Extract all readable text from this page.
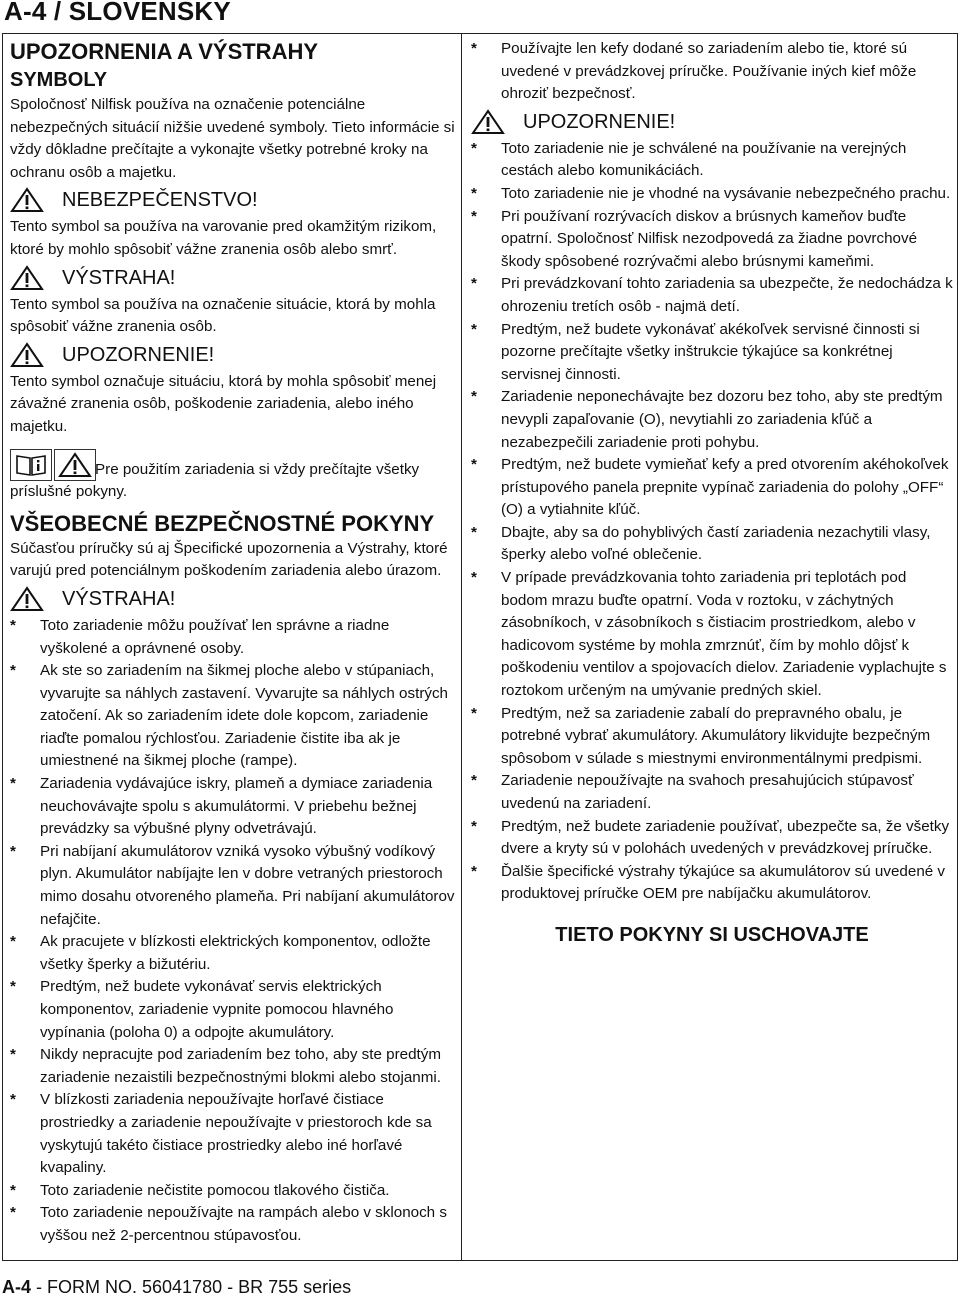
A-4 / SLOVENSKY
UPOZORNENIA A VÝSTRAHY
SYMBOLY

Spoločnosť Nilfisk používa na označenie potenciálne nebezpečných situácií nižšie uvedené symboly. Tieto informácie si vždy dôkladne prečítajte a vykonajte všetky potrebné kroky na ochranu osôb a majetku.

NEBEZPEČENSTVO!

Tento symbol sa používa na varovanie pred okamžitým rizikom, ktoré by mohlo spôsobiť vážne zranenia osôb alebo smrť.

VÝSTRAHA!

Tento symbol sa používa na označenie situácie, ktorá by mohla spôsobiť vážne zranenia osôb.

UPOZORNENIE!

Tento symbol označuje situáciu, ktorá by mohla spôsobiť menej závažné zranenia osôb, poškodenie zariadenia, alebo iného majetku.

Pre použitím zariadenia si vždy prečítajte všetky príslušné pokyny.

VŠEOBECNÉ BEZPEČNOSTNÉ POKYNY

Súčasťou príručky sú aj Špecifické upozornenia a Výstrahy, ktoré varujú pred potenciálnym poškodením zariadenia alebo úrazom.

VÝSTRAHA!
* Toto zariadenie môžu používať len správne a riadne vyškolené a oprávnené osoby.
* Ak ste so zariadením na šikmej ploche alebo v stúpaniach, vyvarujte sa náhlych zastavení. Vyvarujte sa náhlych ostrých zatočení. Ak so zariadením idete dole kopcom, zariadenie riaďte pomalou rýchlosťou. Zariadenie čistite iba ak je umiestnené na šikmej ploche (rampe).
* Zariadenia vydávajúce iskry, plameň a dymiace zariadenia neuchovávajte spolu s akumulátormi. V priebehu bežnej prevádzky sa výbušné plyny odvetrávajú.
* Pri nabíjaní akumulátorov vzniká vysoko výbušný vodíkový plyn. Akumulátor nabíjajte len v dobre vetraných priestoroch mimo dosahu otvoreného plameňa. Pri nabíjaní akumulátorov nefajčite.
* Ak pracujete v blízkosti elektrických komponentov, odložte všetky šperky a bižutériu.
* Predtým, než budete vykonávať servis elektrických komponentov, zariadenie vypnite pomocou hlavného vypínania (poloha 0) a odpojte akumulátory.
* Nikdy nepracujte pod zariadením bez toho, aby ste predtým zariadenie nezaistili bezpečnostnými blokmi alebo stojanmi.
* V blízkosti zariadenia nepoužívajte horľavé čistiace prostriedky a zariadenie nepoužívajte v priestoroch kde sa vyskytujú takéto čistiace prostriedky alebo iné horľavé kvapaliny.
* Toto zariadenie nečistite pomocou tlakového čističa.
* Toto zariadenie nepoužívajte na rampách alebo v sklonoch s vyššou než 2-percentnou stúpavosťou.
* Používajte len kefy dodané so zariadením alebo tie, ktoré sú uvedené v prevádzkovej príručke. Používanie iných kief môže ohroziť bezpečnosť.
UPOZORNENIE!
* Toto zariadenie nie je schválené na používanie na verejných cestách alebo komunikáciách.
* Toto zariadenie nie je vhodné na vysávanie nebezpečného prachu.
* Pri používaní rozrývacích diskov a brúsnych kameňov buďte opatrní. Spoločnosť Nilfisk nezodpovedá za žiadne povrchové škody spôsobené rozrývačmi alebo brúsnymi kameňmi.
* Pri prevádzkovaní tohto zariadenia sa ubezpečte, že nedochádza k ohrozeniu tretích osôb - najmä detí.
* Predtým, než budete vykonávať akékoľvek servisné činnosti si pozorne prečítajte všetky inštrukcie týkajúce sa konkrétnej servisnej činnosti.
* Zariadenie neponechávajte bez dozoru bez toho, aby ste predtým nevypli zapaľovanie (O), nevytiahli zo zariadenia kľúč a nezabezpečili zariadenie proti pohybu.
* Predtým, než budete vymieňať kefy a pred otvorením akéhokoľvek prístupového panela prepnite vypínač zariadenia do polohy „OFF“ (O) a vytiahnite kľúč.
* Dbajte, aby sa do pohyblivých častí zariadenia nezachytili vlasy, šperky alebo voľné oblečenie.
* V prípade prevádzkovania tohto zariadenia pri teplotách pod bodom mrazu buďte opatrní. Voda v roztoku, v záchytných zásobníkoch, v zásobníkoch s čistiacim prostriedkom, alebo v hadicovom systéme by mohla zmrznúť, čím by mohlo dôjsť k poškodeniu ventilov a spojovacích dielov. Zariadenie vyplachujte s roztokom určeným na umývanie predných skiel.
* Predtým, než sa zariadenie zabalí do prepravného obalu, je potrebné vybrať akumulátory. Akumulátory likvidujte bezpečným spôsobom v súlade s miestnymi environmentálnymi predpismi.
* Zariadenie nepoužívajte na svahoch presahujúcich stúpavosť uvedenú na zariadení.
* Predtým, než budete zariadenie používať, ubezpečte sa, že všetky dvere a kryty sú v polohách uvedených v prevádzkovej príručke.
* Ďalšie špecifické výstrahy týkajúce sa akumulátorov sú uvedené v produktovej príručke OEM pre nabíjačku akumulátorov.
TIETO POKYNY SI USCHOVAJTE
A-4 - FORM NO. 56041780 - BR 755 series
